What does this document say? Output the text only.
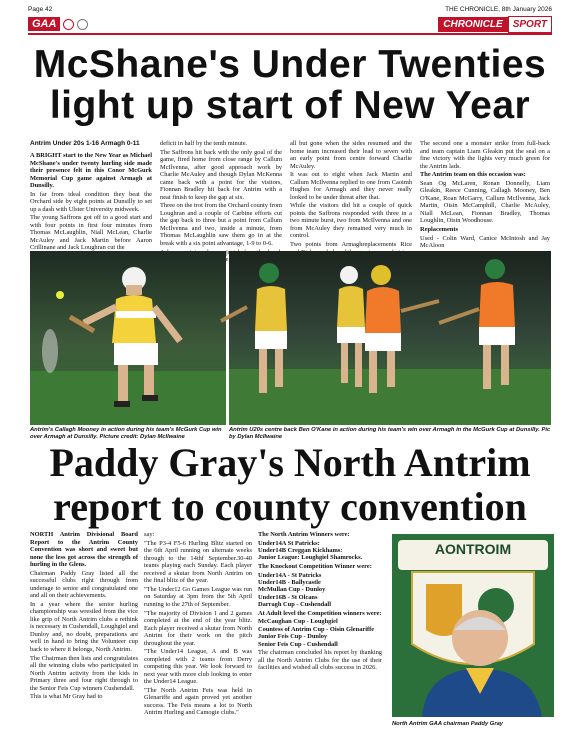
Page 42	THE CHRONICLE, 8th January 2026
GAA	CHRONICLE	SPORT
McShane's Under Twenties
light up start of New Year
Antrim Under 20s 1-16 Armagh 0-11

A BRIGHT start to the New Year as Michael McShane's under twenty hurling side made their presence felt in this Conor McGurk Memorial Cup game against Armagh at Dunsilly.

In far from ideal condition they beat the Orchard side by eight points at Dunsilly to set up a dash with Ulster University midweek.

The young Saffrons got off to a good start and with four points in first four minutes from Thomas McLaughlin, Niall McLean, Charlie McAuley and Jack Martin before Aaron Crillinane and Jack Loughran cut the

deficit in half by the tenth minute.

The Saffrons hit back with the only goal of the game, fired home from close range by Callum McIlvenna, after good approach work by Charlie McAuley and though Dylan McKenna came back with a point for the visitors, Fionnan Bradley hit back for Antrim with a neat finish to keep the gap at six.

Three on the trot from the Orchard county from Loughran and a couple of Carbine efforts cut the gap back to three but a point from Callum McIlvenna and two, inside a minute, from Thomas McLaughlin saw them go in at the break with a six point advantage, 1-9 to 0-6.

all but gone when the sides resumed and the home team increased their lead to seven with an early point from centre forward Charlie McAuley.

It was out to eight when Jack Martin and Callum McIlvenna replied to one from Caoimh Hughes for Armagh and they never really looked to be under threat after that.

While the visitors did hit a couple of quick points the Saffrons responded with three in a two minute burst, two from McIlvenna and one from McAuley they remained very much in control.

Two points from Armaghreplacements Rice

The second one a monster strike from full-back and team captain Liam Gleakin put the seal on a fine victory with the lights very much green for the Antrim lads.

The Antrim team on this occasion was:

Sean Og McLaren, Ronan Donnelly, Liam Gleakin, Reece Cunning, Callagh Mooney, Ben O'Kane, Roan McGarry, Callum McIlvenna, Jack Martin, Oisin McCamphill, Charlie McAuley, Niall McLean, Fionnan Bradley, Thomas Loughlin, Oisin Woodhouse.

Replacements

Used - Colin Ward, Canice McIntosh and Jay McAloon

Antrim's Callagh Mooney in action during his team's McGurk Cup win over Armagh at Dunsilly. Picture credit: Dylan McIlwaine
Antrim U20s centre back Ben O'Kane in action during his team's win over Armagh in the McGurk Cup at Dunsilly. Pic by Dylan McIlwaine
Paddy Gray's North Antrim
report to county convention

NORTH Antrim Divisional Board Report to the Antrim County Convention was short and sweet but none the less got across the strength of hurling in the Glens.

Chairman Paddy Gray listed all the successful clubs right through from underage to senior and congratulated one and all on their achievements.

In a year where the senior hurling championship was wrestled from the vice like grip of North Antrim clubs a rethink is necessary in Cushendall, Loughgiel and Dunloy and, no doubt, preparations are well in hand to bring the Volunteer cup back to where it belongs, North Antrim.

The Chairman then lists and congratulates all the winning clubs who participated in North Antrim activity from the kids in Primary three and four right through to the Senior Feis Cup winners Cushendall.

This is what Mr Gray had to

say:

"The P3-4 F5-6 Hurling Blitz started on the 6th April running on alternate weeks through to the 14thf September.30-40 teams playing each Sunday. Each player received a skutar from North Antrim on the final blitz of the year.

"The Under12 Go Games League was run on Saturday at 3pm from the 5th April running to the 27th of September.

"The majority of Division 1 and 2 games completed at the end of the year blitz. Each player received a skutar from North Antrim for their work on the pitch throughout the year.

"The Under14 League, A and B was completed with 2 teams from Derry competing this year. We look forward to next year with more club looking to enter the Under14 League.

"The North Antrim Feis was held in Glenariffe and again proved yet another success. The Feis means a lot to North Antrim Hurling and Camogie clubs."

The North Antrim Winners were:

Under14A St Patricks:

Under14B Creggan Kickhams:

Junior League: Loughgiel Shamrocks.

The Knockout Competition Winner were:

Under14A - St Patricks

Under14B - Ballycastle

McMullan Cup - Dunloy

Under16B - St Olcans

Darragh Cup - Cushendall

At Adult level the Competition winners were:

McCaughan Cup - Loughgiel

Countess of Antrim Cup - Oisin Glenariffe

Junior Feis Cup - Dunloy

Senior Feis Cup - Cushendall

The chairman concluded his report by thanking all the North Antrim Clubs for the use of their facilities and wished all clubs success in 2026.

AONTROIM
North Antrim GAA chairman Paddy Gray
